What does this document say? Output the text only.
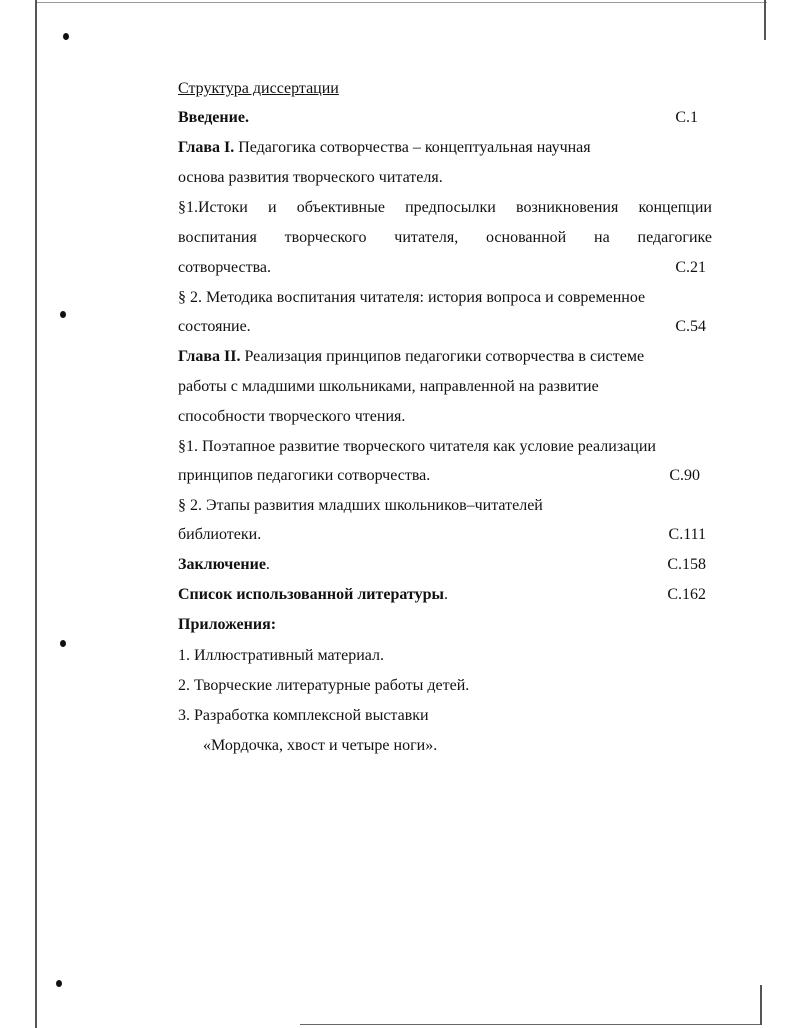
Структура диссертации
Введение.	С.1
Глава I. Педагогика сотворчества – концептуальная научная
основа развития творческого читателя.
§1.Истоки и объективные предпосылки возникновения концепции
воспитания творческого читателя, основанной на педагогике
сотворчества.	С.21
§ 2. Методика воспитания читателя: история вопроса и современное
состояние.	С.54
Глава II. Реализация принципов педагогики сотворчества в системе
работы с младшими школьниками, направленной на развитие
способности творческого чтения.
§1. Поэтапное развитие творческого читателя как условие реализации
принципов педагогики сотворчества.	С.90
§ 2. Этапы развития младших школьников–читателей
библиотеки.	С.111
Заключение.	С.158
Список использованной литературы.	С.162
Приложения:
1. Иллюстративный материал.
2. Творческие литературные работы детей.
3. Разработка комплексной выставки
«Мордочка, хвост и четыре ноги».
